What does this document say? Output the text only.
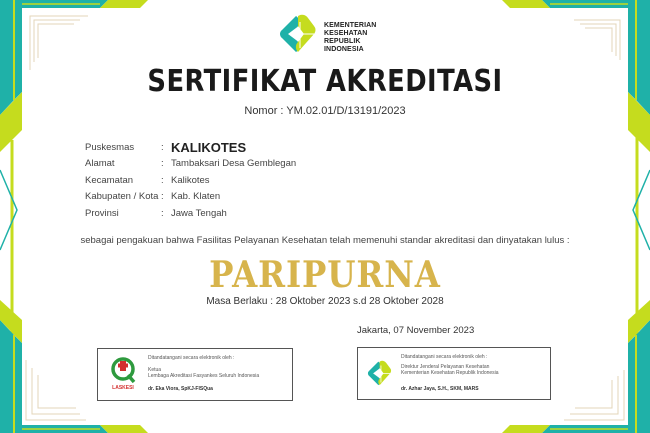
KEMENTERIAN
KESEHATAN
REPUBLIK
INDONESIA
SERTIFIKAT AKREDITASI
Nomor : YM.02.01/D/13191/2023
Puskesmas	: KALIKOTES
Alamat	: Tambaksari Desa Gemblegan
Kecamatan	: Kalikotes
Kabupaten / Kota : Kab. Klaten
Provinsi	: Jawa Tengah
sebagai pengakuan bahwa Fasilitas Pelayanan Kesehatan telah memenuhi standar akreditasi dan dinyatakan lulus :
PARIPURNA
Masa Berlaku : 28 Oktober 2023 s.d 28 Oktober 2028
Jakarta, 07 November 2023
LASKESI
Ditandatangani secara elektronik oleh :
Ketua
Lembaga Akreditasi Fasyankes Seluruh Indonesia
dr. Eka Viora, SpKJ-FISQua
Ditandatangani secara elektronik oleh :
Direktur Jenderal Pelayanan Kesehatan
Kementerian Kesehatan Republik Indonesia
dr. Azhar Jaya, S.H., SKM, MARS
